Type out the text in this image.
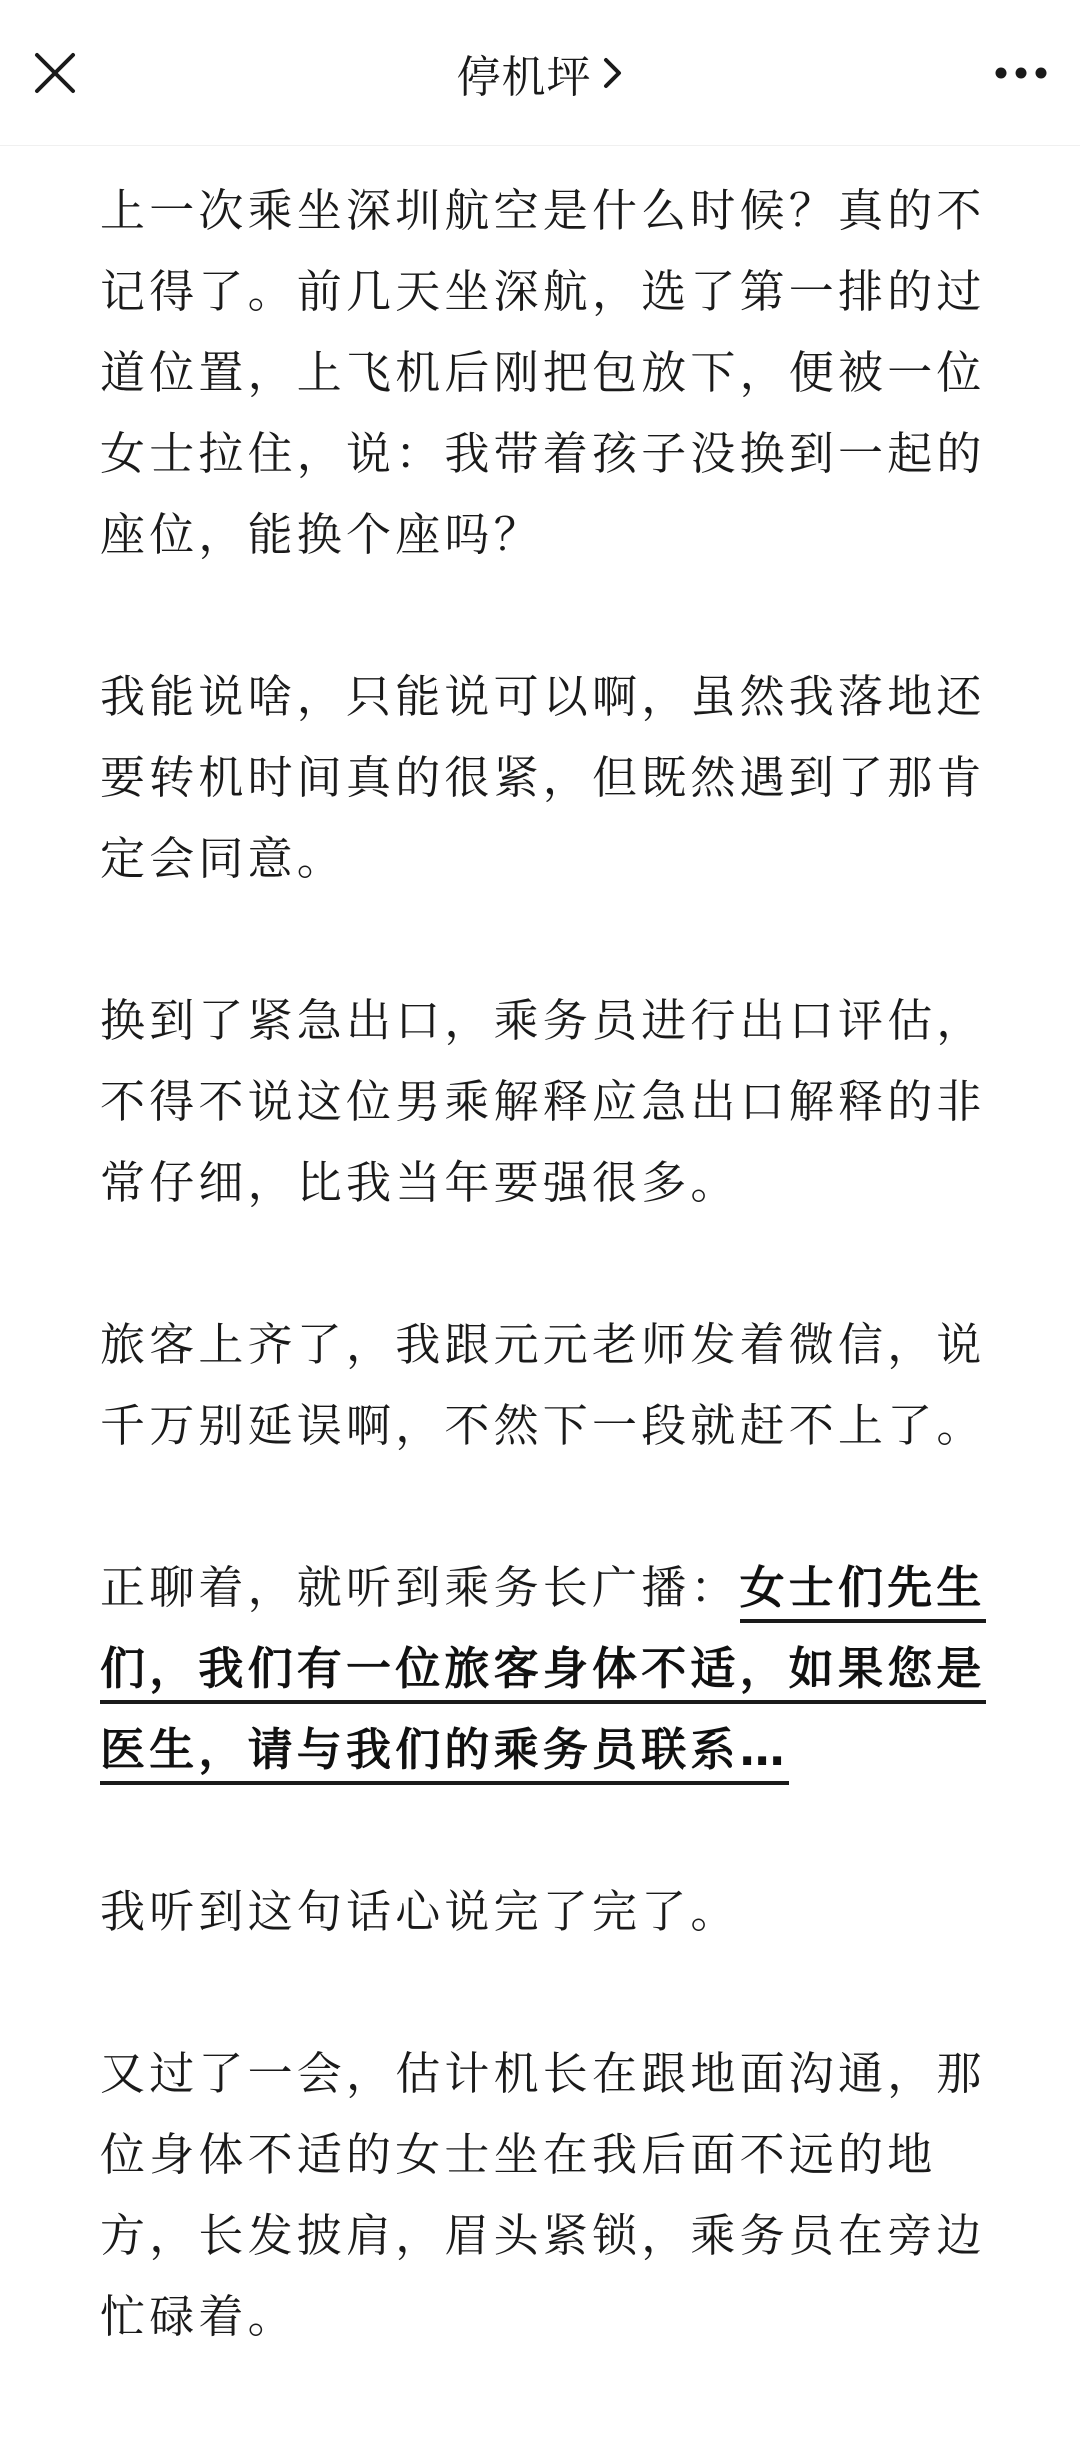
停机坪

上一次乘坐深圳航空是什么时候？真的不记得了。前几天坐深航，选了第一排的过道位置，上飞机后刚把包放下，便被一位女士拉住，说：我带着孩子没换到一起的座位，能换个座吗？

我能说啥，只能说可以啊，虽然我落地还要转机时间真的很紧，但既然遇到了那肯定会同意。

换到了紧急出口，乘务员进行出口评估，不得不说这位男乘解释应急出口解释的非常仔细，比我当年要强很多。

旅客上齐了，我跟元元老师发着微信，说千万别延误啊，不然下一段就赶不上了。

正聊着，就听到乘务长广播：女士们先生们，我们有一位旅客身体不适，如果您是医生，请与我们的乘务员联系…

我听到这句话心说完了完了。

又过了一会，估计机长在跟地面沟通，那位身体不适的女士坐在我后面不远的地方，长发披肩，眉头紧锁，乘务员在旁边忙碌着。
